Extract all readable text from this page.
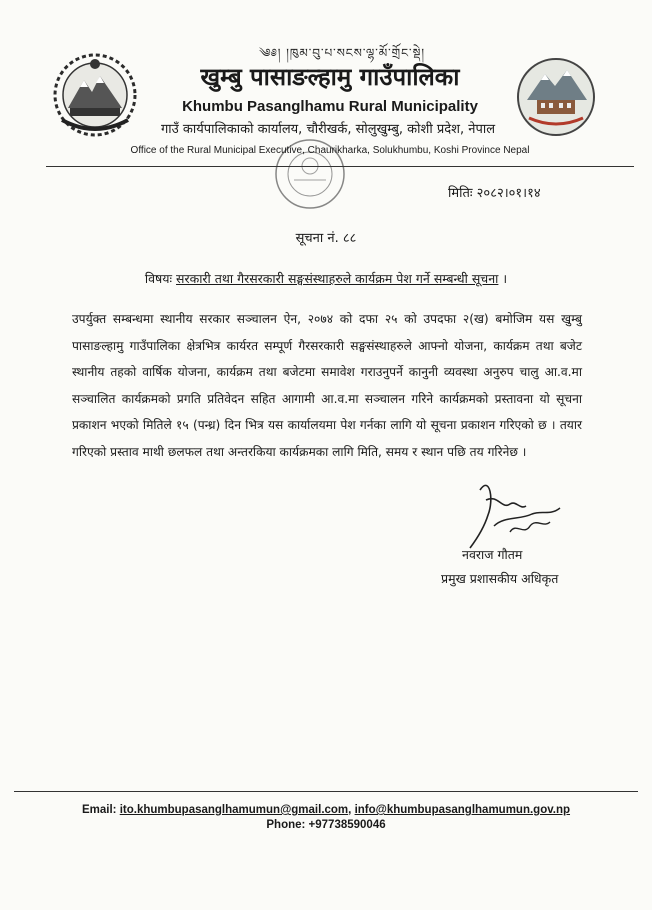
༄༅། །ཁུམ་བུ་པ་སངས་ལྷ་མོ་གྲོང་སྡེ།
खुम्बु पासाङल्हामु गाउँपालिका
Khumbu Pasanglhamu Rural Municipality
गाउँ कार्यपालिकाको कार्यालय, चौरीखर्क, सोलुखुम्बु, कोशी प्रदेश, नेपाल
Office of the Rural Municipal Executive, Chaurikharka, Solukhumbu, Koshi Province Nepal
मितिः २०८२।०१।१४
सूचना नं. ८८
विषयः सरकारी तथा गैरसरकारी सङ्घसंस्थाहरुले कार्यक्रम पेश गर्ने सम्बन्धी सूचना ।
उपर्युक्त सम्बन्धमा स्थानीय सरकार सञ्चालन ऐन, २०७४ को दफा २५ को उपदफा २(ख) बमोजिम यस खुम्बु पासाङल्हामु गाउँपालिका क्षेत्रभित्र कार्यरत सम्पूर्ण गैरसरकारी सङ्घसंस्थाहरुले आफ्नो योजना, कार्यक्रम तथा बजेट स्थानीय तहको वार्षिक योजना, कार्यक्रम तथा बजेटमा समावेश गराउनुपर्ने कानुनी व्यवस्था अनुरुप चालु आ.व.मा सञ्चालित कार्यक्रमको प्रगति प्रतिवेदन सहित आगामी आ.व.मा सञ्चालन गरिने कार्यक्रमको प्रस्तावना यो सूचना प्रकाशन भएको मितिले १५ (पन्ध्र) दिन भित्र यस कार्यालयमा पेश गर्नका लागि यो सूचना प्रकाशन गरिएको छ । तयार गरिएको प्रस्ताव माथी छलफल तथा अन्तरकिया कार्यक्रमका लागि मिति, समय र स्थान पछि तय गरिनेछ ।
नवराज गौतम
प्रमुख प्रशासकीय अधिकृत
Email: ito.khumbupasanglhamumun@gmail.com, info@khumbupasanglhamumun.gov.np
Phone: +97738590046
